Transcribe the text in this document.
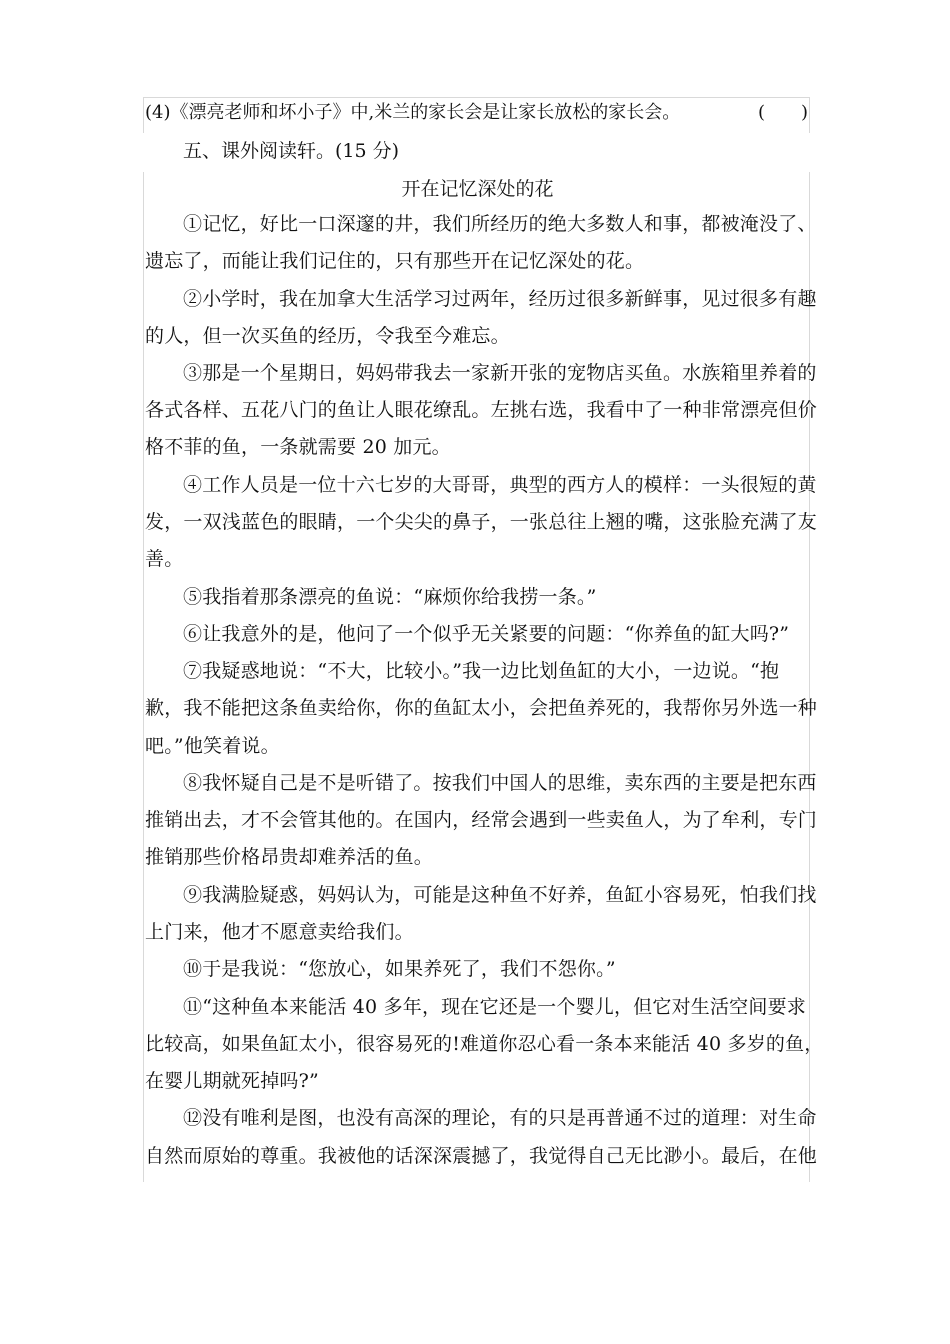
(4)《漂亮老师和坏小子》中,米兰的家长会是让家长放松的家长会。	(　　)
五、课外阅读轩。(15 分)
开在记忆深处的花
①记忆，好比一口深邃的井，我们所经历的绝大多数人和事，都被淹没了、
遗忘了，而能让我们记住的，只有那些开在记忆深处的花。
②小学时，我在加拿大生活学习过两年，经历过很多新鲜事，见过很多有趣
的人，但一次买鱼的经历，令我至今难忘。
③那是一个星期日，妈妈带我去一家新开张的宠物店买鱼。水族箱里养着的
各式各样、五花八门的鱼让人眼花缭乱。左挑右选，我看中了一种非常漂亮但价
格不菲的鱼，一条就需要 20 加元。
④工作人员是一位十六七岁的大哥哥，典型的西方人的模样：一头很短的黄
发，一双浅蓝色的眼睛，一个尖尖的鼻子，一张总往上翘的嘴，这张脸充满了友
善。
⑤我指着那条漂亮的鱼说：“麻烦你给我捞一条。”
⑥让我意外的是，他问了一个似乎无关紧要的问题：“你养鱼的缸大吗?”
⑦我疑惑地说：“不大，比较小。”我一边比划鱼缸的大小，一边说。“抱
歉，我不能把这条鱼卖给你，你的鱼缸太小，会把鱼养死的，我帮你另外选一种
吧。”他笑着说。
⑧我怀疑自己是不是听错了。按我们中国人的思维，卖东西的主要是把东西
推销出去，才不会管其他的。在国内，经常会遇到一些卖鱼人，为了牟利，专门
推销那些价格昂贵却难养活的鱼。
⑨我满脸疑惑，妈妈认为，可能是这种鱼不好养，鱼缸小容易死，怕我们找
上门来，他才不愿意卖给我们。
⑩于是我说：“您放心，如果养死了，我们不怨你。”
⑪“这种鱼本来能活 40 多年，现在它还是一个婴儿，但它对生活空间要求
比较高，如果鱼缸太小，很容易死的!难道你忍心看一条本来能活 40 多岁的鱼，
在婴儿期就死掉吗?”
⑫没有唯利是图，也没有高深的理论，有的只是再普通不过的道理：对生命
自然而原始的尊重。我被他的话深深震撼了，我觉得自己无比渺小。最后，在他
